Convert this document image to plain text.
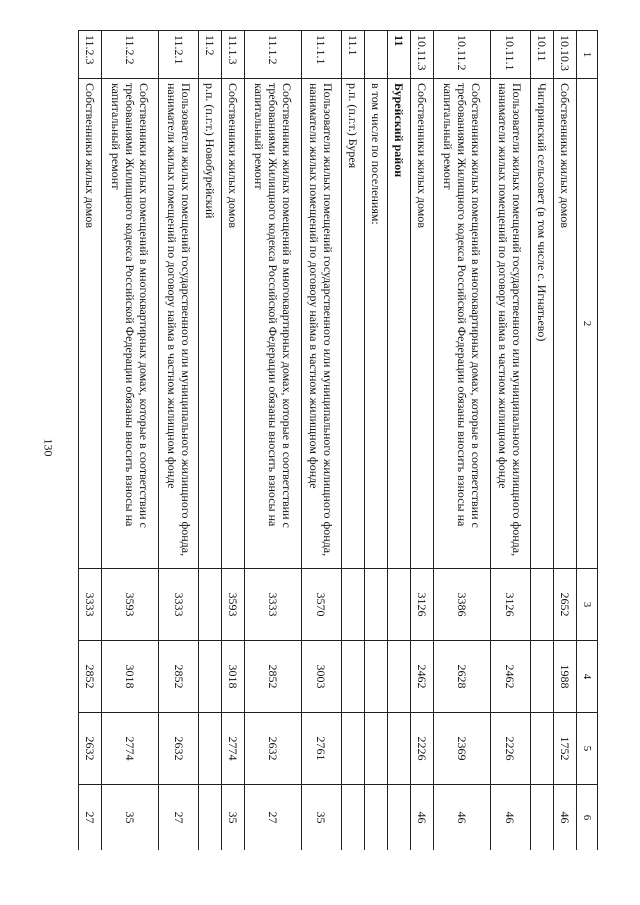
130
1	2	3	4	5	6
10.10.3	Собственники жилых домов	2652	1988	1752	46
10.11	Чигиринский сельсовет (в том числе с. Игнатьево)				
10.11.1	Пользователи жилых помещений государственного или муниципального жилищного фонда, наниматели жилых помещений по договору найма в частном жилищном фонде	3126	2462	2226	46
10.11.2	Собственники жилых помещений в многоквартирных домах, которые в соответствии с требованиями Жилищного кодекса Российской Федерации обязаны вносить взносы на капитальный ремонт	3386	2628	2369	46
10.11.3	Собственники жилых домов	3126	2462	2226	46
11	Бурейский район				
	в том числе по поселениям:				
11.1	р.п. (п.г.т.) Бурея				
11.1.1	Пользователи жилых помещений государственного или муниципального жилищного фонда, наниматели жилых помещений по договору найма в частном жилищном фонде	3570	3003	2761	35
11.1.2	Собственники жилых помещений в многоквартирных домах, которые в соответствии с требованиями Жилищного кодекса Российской Федерации обязаны вносить взносы на капитальный ремонт	3333	2852	2632	27
11.1.3	Собственники жилых домов	3593	3018	2774	35
11.2	р.п. (п.г.т.) Новобурейский				
11.2.1	Пользователи жилых помещений государственного или муниципального жилищного фонда, наниматели жилых помещений по договору найма в частном жилищном фонде	3333	2852	2632	27
11.2.2	Собственники жилых помещений в многоквартирных домах, которые в соответствии с требованиями Жилищного кодекса Российской Федерации обязаны вносить взносы на капитальный ремонт	3593	3018	2774	35
11.2.3	Собственники жилых домов	3333	2852	2632	27
